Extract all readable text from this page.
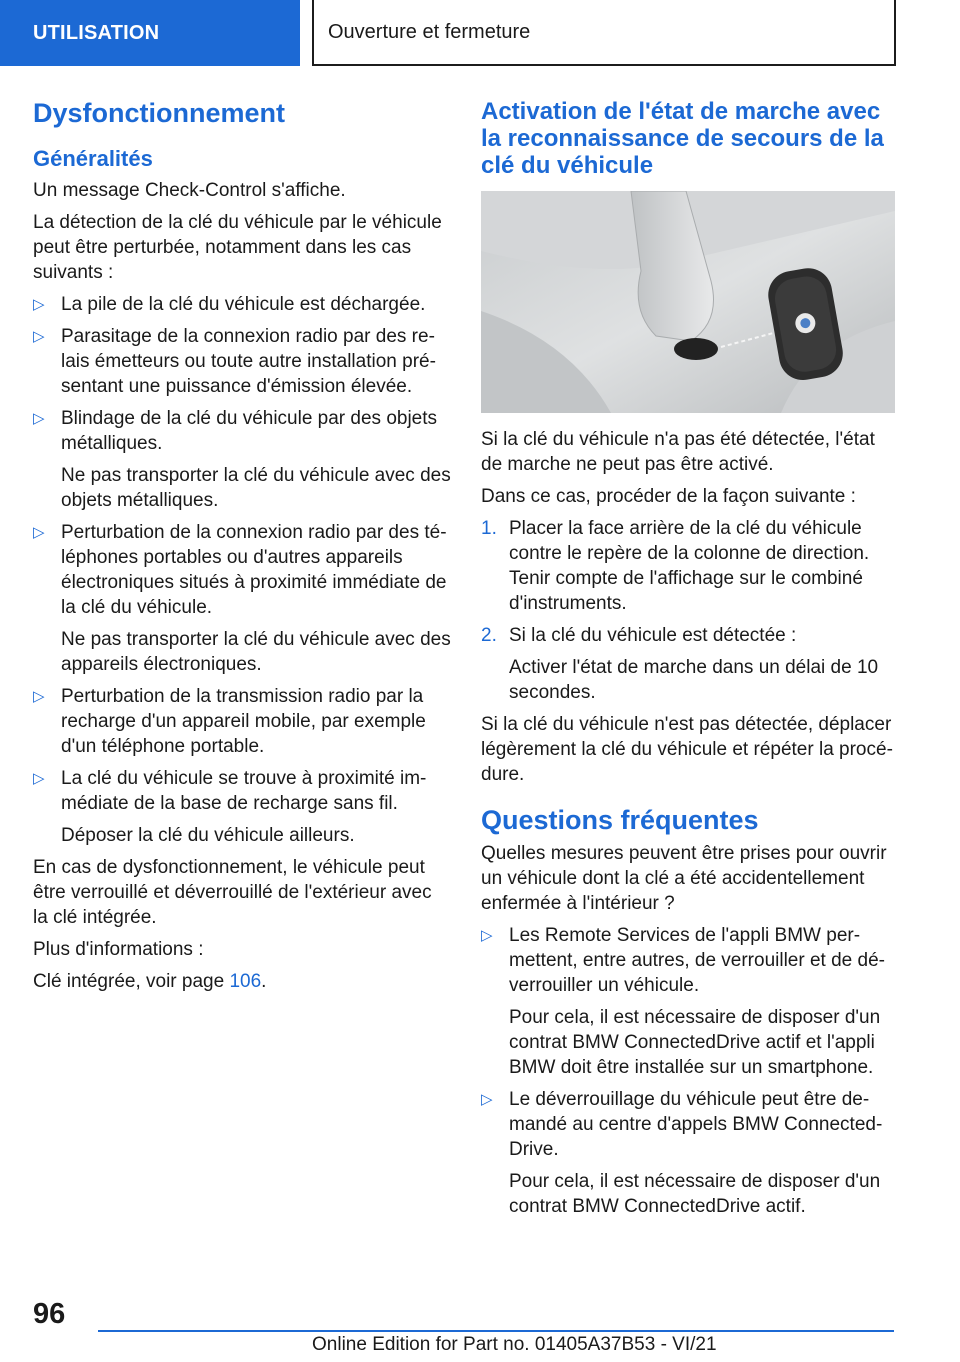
UTILISATION	Ouverture et fermeture
Dysfonctionnement
Généralités

Un message Check-Control s'affiche.

La détection de la clé du véhicule par le véhicule peut être perturbée, notamment dans les cas suivants :

▷ La pile de la clé du véhicule est déchargée.
▷ Parasitage de la connexion radio par des re-lais émetteurs ou toute autre installation pré-sentant une puissance d'émission élevée.
▷ Blindage de la clé du véhicule par des objets métalliques.
Ne pas transporter la clé du véhicule avec des objets métalliques.
▷ Perturbation de la connexion radio par des té-léphones portables ou d'autres appareils électroniques situés à proximité immédiate de la clé du véhicule.
Ne pas transporter la clé du véhicule avec des appareils électroniques.
▷ Perturbation de la transmission radio par la recharge d'un appareil mobile, par exemple d'un téléphone portable.
▷ La clé du véhicule se trouve à proximité im-médiate de la base de recharge sans fil.
Déposer la clé du véhicule ailleurs.

En cas de dysfonctionnement, le véhicule peut être verrouillé et déverrouillé de l'extérieur avec la clé intégrée.

Plus d'informations :

Clé intégrée, voir page 106.

Activation de l'état de marche avec la reconnaissance de secours de la clé du véhicule

Si la clé du véhicule n'a pas été détectée, l'état de marche ne peut pas être activé.

Dans ce cas, procéder de la façon suivante :

1. Placer la face arrière de la clé du véhicule contre le repère de la colonne de direction. Tenir compte de l'affichage sur le combiné d'instruments.
2. Si la clé du véhicule est détectée :
Activer l'état de marche dans un délai de 10 secondes.

Si la clé du véhicule n'est pas détectée, déplacer légèrement la clé du véhicule et répéter la procé-dure.

Questions fréquentes

Quelles mesures peuvent être prises pour ouvrir un véhicule dont la clé a été accidentellement enfermée à l'intérieur ?

▷ Les Remote Services de l'appli BMW per-mettent, entre autres, de verrouiller et de dé-verrouiller un véhicule.
Pour cela, il est nécessaire de disposer d'un contrat BMW ConnectedDrive actif et l'appli BMW doit être installée sur un smartphone.
▷ Le déverrouillage du véhicule peut être de-mandé au centre d'appels BMW Connected-Drive.
Pour cela, il est nécessaire de disposer d'un contrat BMW ConnectedDrive actif.
96
Online Edition for Part no. 01405A37B53 - VI/21
